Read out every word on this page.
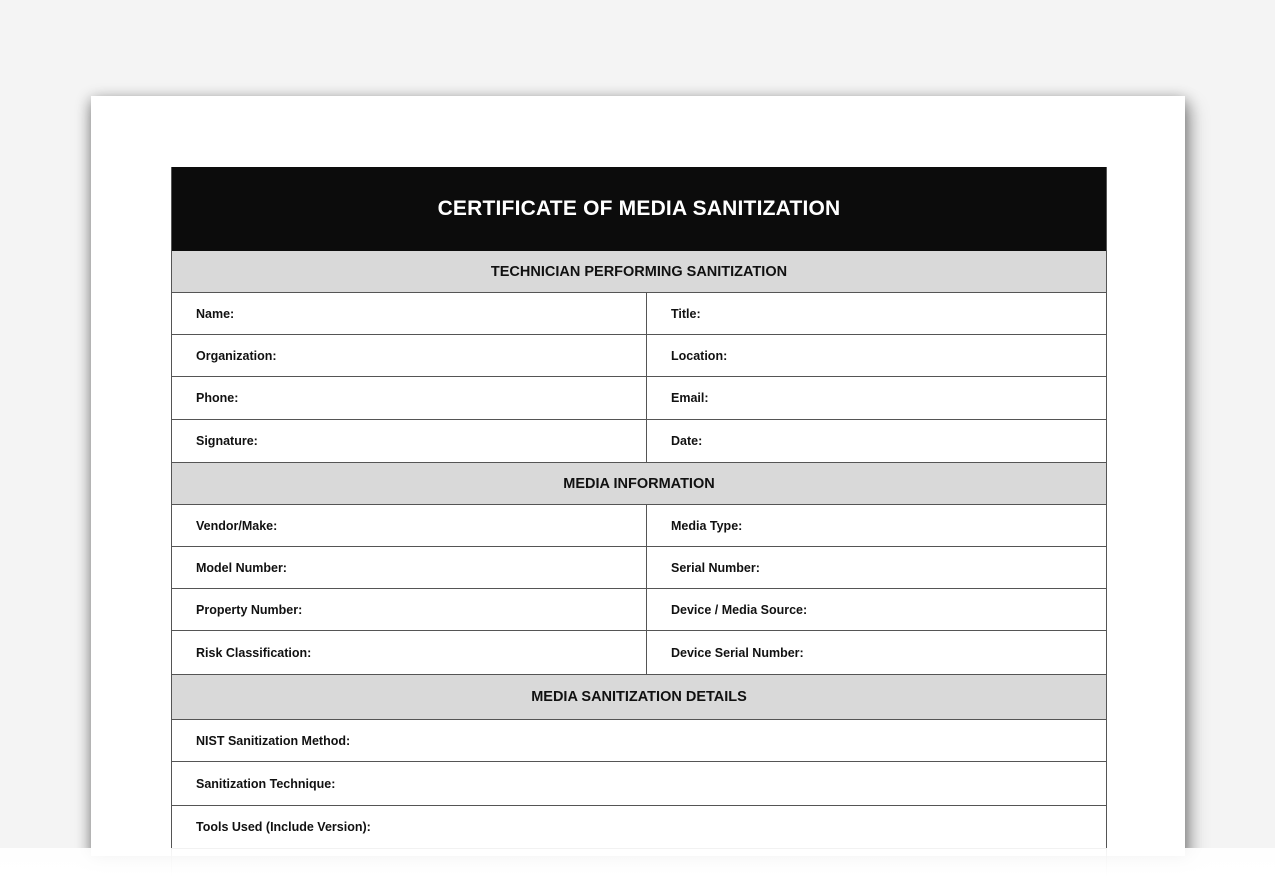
CERTIFICATE OF MEDIA SANITIZATION
TECHNICIAN PERFORMING SANITIZATION
Name:	Title:
Organization:	Location:
Phone:	Email:
Signature:	Date:
MEDIA INFORMATION
Vendor/Make:	Media Type:
Model Number:	Serial Number:
Property Number:	Device / Media Source:
Risk Classification:	Device Serial Number:
MEDIA SANITIZATION DETAILS
NIST Sanitization Method:
Sanitization Technique:
Tools Used (Include Version):
